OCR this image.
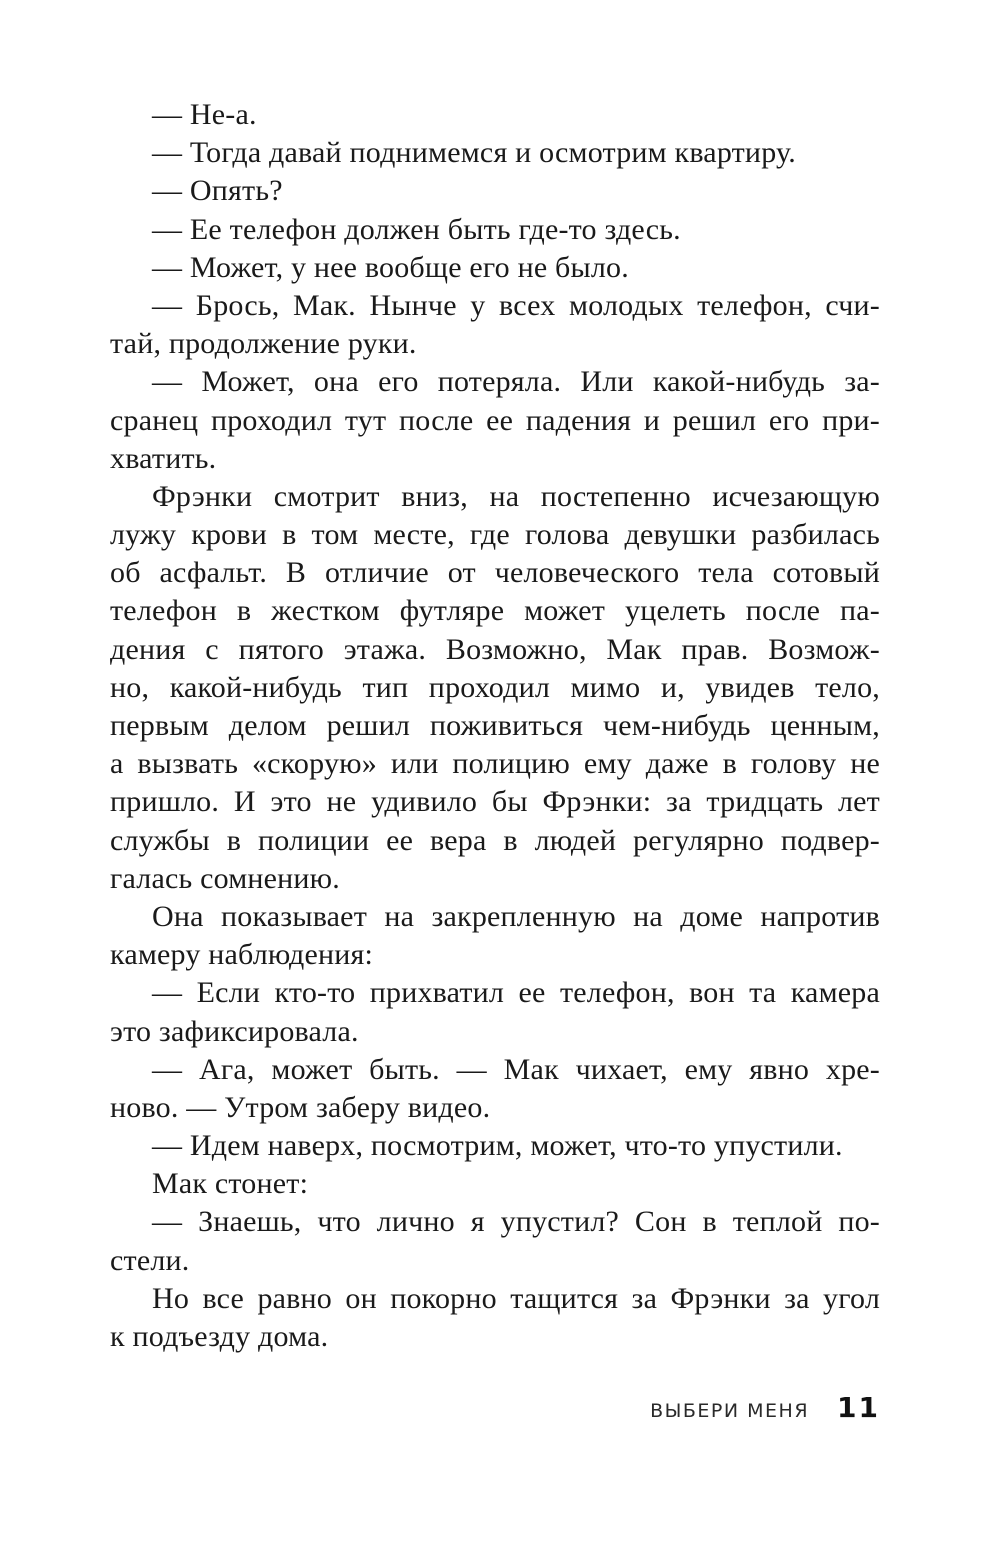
— Не-а.
— Тогда давай поднимемся и осмотрим квартиру.
— Опять?
— Ее телефон должен быть где-то здесь.
— Может, у нее вообще его не было.
— Брось, Мак. Нынче у всех молодых телефон, счи-
тай, продолжение руки.
— Может, она его потеряла. Или какой-нибудь за-
сранец проходил тут после ее падения и решил его при-
хватить.
Фрэнки смотрит вниз, на постепенно исчезающую
лужу крови в том месте, где голова девушки разбилась
об асфальт. В отличие от человеческого тела сотовый
телефон в жестком футляре может уцелеть после па-
дения с пятого этажа. Возможно, Мак прав. Возмож-
но, какой-нибудь тип проходил мимо и, увидев тело,
первым делом решил поживиться чем-нибудь ценным,
а вызвать «скорую» или полицию ему даже в голову не
пришло. И это не удивило бы Фрэнки: за тридцать лет
службы в полиции ее вера в людей регулярно подвер-
галась сомнению.
Она показывает на закрепленную на доме напротив
камеру наблюдения:
— Если кто-то прихватил ее телефон, вон та камера
это зафиксировала.
— Ага, может быть. — Мак чихает, ему явно хре-
ново. — Утром заберу видео.
— Идем наверх, посмотрим, может, что-то упустили.
Мак стонет:
— Знаешь, что лично я упустил? Сон в теплой по-
стели.
Но все равно он покорно тащится за Фрэнки за угол
к подъезду дома.
ВЫБЕРИ МЕНЯ 11
